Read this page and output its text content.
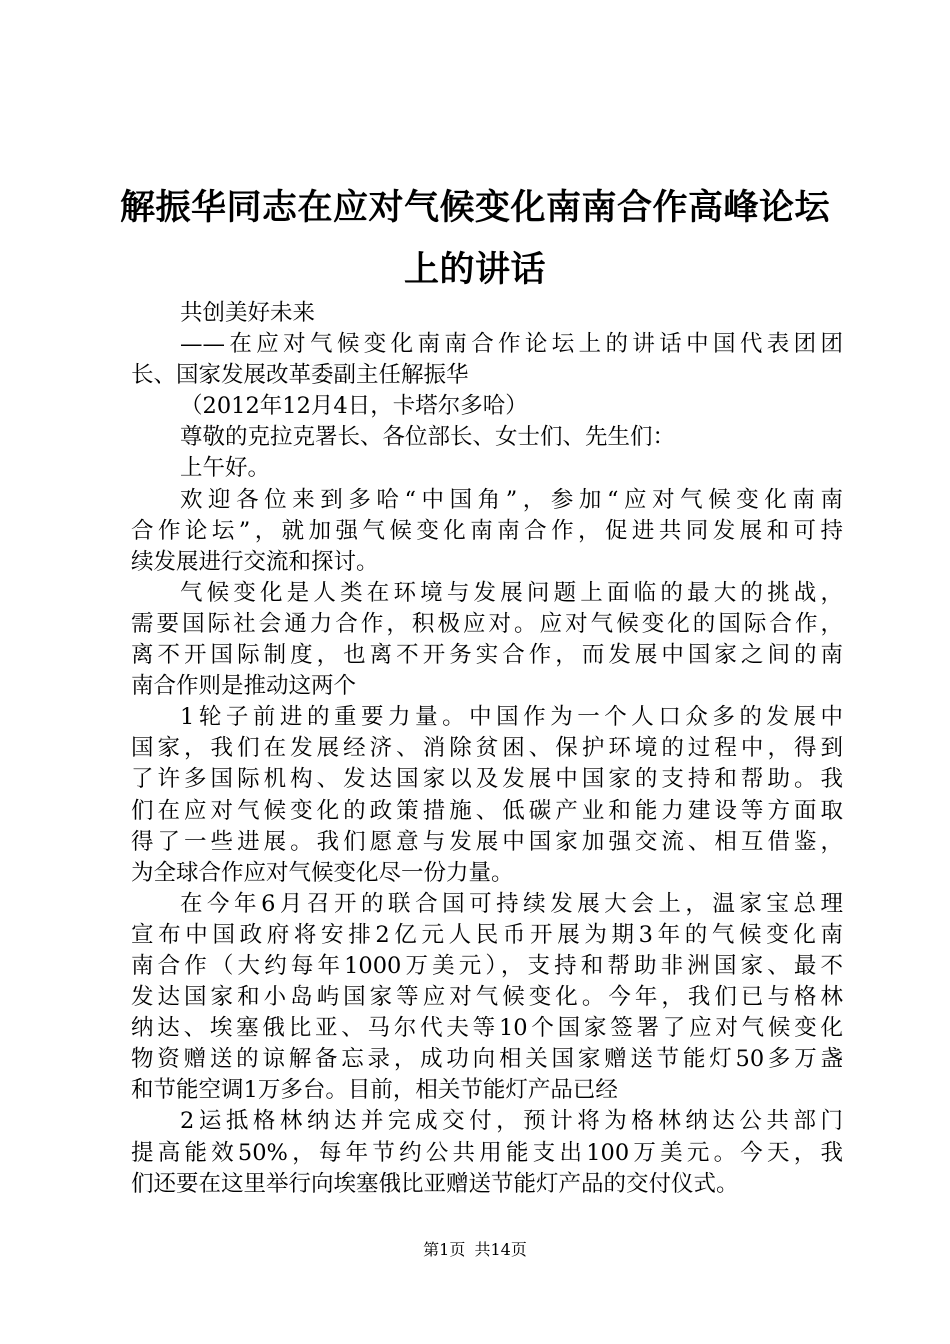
解振华同志在应对气候变化南南合作高峰论坛
上的讲话
共创美好未来
——在应对气候变化南南合作论坛上的讲话中国代表团团
长、国家发展改革委副主任解振华
（2012年12月4日，卡塔尔多哈）
尊敬的克拉克署长、各位部长、女士们、先生们：
上午好。
欢迎各位来到多哈“中国角”，参加“应对气候变化南南
合作论坛”，就加强气候变化南南合作，促进共同发展和可持
续发展进行交流和探讨。
气候变化是人类在环境与发展问题上面临的最大的挑战，
需要国际社会通力合作，积极应对。应对气候变化的国际合作，
离不开国际制度，也离不开务实合作，而发展中国家之间的南
南合作则是推动这两个
1轮子前进的重要力量。中国作为一个人口众多的发展中
国家，我们在发展经济、消除贫困、保护环境的过程中，得到
了许多国际机构、发达国家以及发展中国家的支持和帮助。我
们在应对气候变化的政策措施、低碳产业和能力建设等方面取
得了一些进展。我们愿意与发展中国家加强交流、相互借鉴，
为全球合作应对气候变化尽一份力量。
在今年6月召开的联合国可持续发展大会上，温家宝总理
宣布中国政府将安排2亿元人民币开展为期3年的气候变化南
南合作（大约每年1000万美元），支持和帮助非洲国家、最不
发达国家和小岛屿国家等应对气候变化。今年，我们已与格林
纳达、埃塞俄比亚、马尔代夫等10个国家签署了应对气候变化
物资赠送的谅解备忘录，成功向相关国家赠送节能灯50多万盏
和节能空调1万多台。目前，相关节能灯产品已经
2运抵格林纳达并完成交付，预计将为格林纳达公共部门
提高能效50%，每年节约公共用能支出100万美元。今天，我
们还要在这里举行向埃塞俄比亚赠送节能灯产品的交付仪式。
第1页 共14页
